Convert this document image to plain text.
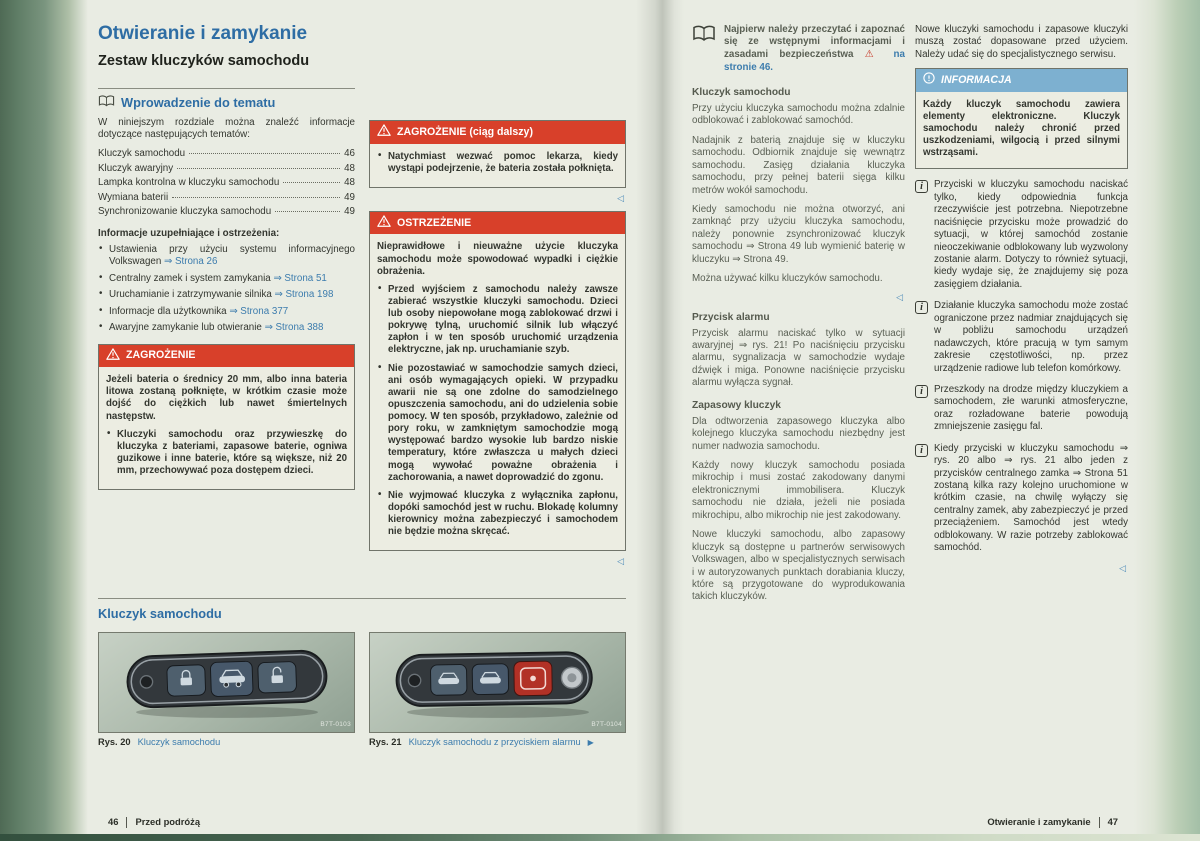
Otwieranie i zamykanie
Zestaw kluczyków samochodu
Wprowadzenie do tematu

W niniejszym rozdziale można znaleźć informacje dotyczące następujących tematów:

Kluczyk samochodu	46
Kluczyk awaryjny	48
Lampka kontrolna w kluczyku samochodu	48
Wymiana baterii	49
Synchronizowanie kluczyka samochodu	49

Informacje uzupełniające i ostrzeżenia:

• Ustawienia przy użyciu systemu informacyjnego Volkswagen ⇒ Strona 26
• Centralny zamek i system zamykania ⇒ Strona 51
• Uruchamianie i zatrzymywanie silnika ⇒ Strona 198
• Informacje dla użytkownika ⇒ Strona 377
• Awaryjne zamykanie lub otwieranie ⇒ Strona 388
ZAGROŻENIE

Jeżeli bateria o średnicy 20 mm, albo inna bateria litowa zostaną połknięte, w krótkim czasie może dojść do ciężkich lub nawet śmiertelnych następstw.

• Kluczyki samochodu oraz przywieszkę do kluczyka z bateriami, zapasowe baterie, ogniwa guzikowe i inne baterie, które są większe, niż 20 mm, przechowywać poza dostępem dzieci.
ZAGROŻENIE (ciąg dalszy)
• Natychmiast wezwać pomoc lekarza, kiedy wystąpi podejrzenie, że bateria została połknięta.
◁
OSTRZEŻENIE

Nieprawidłowe i nieuważne użycie kluczyka samochodu może spowodować wypadki i ciężkie obrażenia.

• Przed wyjściem z samochodu należy zawsze zabierać wszystkie kluczyki samochodu. Dzieci lub osoby niepowołane mogą zablokować drzwi i pokrywę tylną, uruchomić silnik lub włączyć zapłon i w ten sposób uruchomić urządzenia elektryczne, jak np. uruchamianie szyb.
• Nie pozostawiać w samochodzie samych dzieci, ani osób wymagających opieki. W przypadku awarii nie są one zdolne do samodzielnego opuszczenia samochodu, ani do udzielenia sobie pomocy. W ten sposób, przykładowo, zależnie od pory roku, w zamkniętym samochodzie mogą występować bardzo wysokie lub bardzo niskie temperatury, które zwłaszcza u małych dzieci mogą wywołać poważne obrażenia i zachorowania, a nawet doprowadzić do zgonu.
• Nie wyjmować kluczyka z wyłącznika zapłonu, dopóki samochód jest w ruchu. Blokadę kolumny kierownicy można zabezpieczyć i samochodem nie będzie można skręcać.
◁
Kluczyk samochodu
B7T-0103
Rys. 20 Kluczyk samochodu
B7T-0104
Rys. 21 Kluczyk samochodu z przyciskiem alarmu ▶
46 Przed podróżą

Najpierw należy przeczytać i zapoznać się ze wstępnymi informacjami i zasadami bezpieczeństwa ⚠ na stronie 46.

Kluczyk samochodu

Przy użyciu kluczyka samochodu można zdalnie odblokować i zablokować samochód.

Nadajnik z baterią znajduje się w kluczyku samochodu. Odbiornik znajduje się wewnątrz samochodu. Zasięg działania kluczyka samochodu, przy pełnej baterii sięga kilku metrów wokół samochodu.

Kiedy samochodu nie można otworzyć, ani zamknąć przy użyciu kluczyka samochodu, należy ponownie zsynchronizować kluczyk samochodu ⇒ Strona 49 lub wymienić baterię w kluczyku ⇒ Strona 49.

Można używać kilku kluczyków samochodu.

◁
Przycisk alarmu

Przycisk alarmu naciskać tylko w sytuacji awaryjnej ⇒ rys. 21! Po naciśnięciu przycisku alarmu, sygnalizacja w samochodzie wydaje dźwięk i miga. Ponowne naciśnięcie przycisku alarmu wyłącza sygnał.

Zapasowy kluczyk

Dla odtworzenia zapasowego kluczyka albo kolejnego kluczyka samochodu niezbędny jest numer nadwozia samochodu.

Każdy nowy kluczyk samochodu posiada mikrochip i musi zostać zakodowany danymi elektronicznymi immobilisera. Kluczyk samochodu nie działa, jeżeli nie posiada mikrochipu, albo mikrochip nie jest zakodowany.

Nowe kluczyki samochodu, albo zapasowy kluczyk są dostępne u partnerów serwisowych Volkswagen, albo w specjalistycznych serwisach i w autoryzowanych punktach dorabiania kluczy, które są przygotowane do wyprodukowania takich kluczyków.

Nowe kluczyki samochodu i zapasowe kluczyki muszą zostać dopasowane przed użyciem. Należy udać się do specjalistycznego serwisu.

INFORMACJA

Każdy kluczyk samochodu zawiera elementy elektroniczne. Kluczyk samochodu należy chronić przed uszkodzeniami, wilgocią i przed silnymi wstrząsami.

i	Przyciski w kluczyku samochodu naciskać tylko, kiedy odpowiednia funkcja rzeczywiście jest potrzebna. Niepotrzebne naciśnięcie przycisku może prowadzić do sytuacji, w której samochód zostanie nieoczekiwanie odblokowany lub wyzwolony zostanie alarm. Dotyczy to również sytuacji, kiedy wydaje się, że znajdujemy się poza zasięgiem działania.

i	Działanie kluczyka samochodu może zostać ograniczone przez nadmiar znajdujących się w pobliżu samochodu urządzeń nadawczych, które pracują w tym samym zakresie częstotliwości, np. przez urządzenie radiowe lub telefon komórkowy.

i	Przeszkody na drodze między kluczykiem a samochodem, złe warunki atmosferyczne, oraz rozładowane baterie powodują zmniejszenie zasięgu fal.

i	Kiedy przyciski w kluczyku samochodu ⇒ rys. 20 albo ⇒ rys. 21 albo jeden z przycisków centralnego zamka ⇒ Strona 51 zostaną kilka razy kolejno uruchomione w krótkim czasie, na chwilę wyłączy się centralny zamek, aby zabezpieczyć je przed przeciążeniem. Samochód jest wtedy odblokowany. W razie potrzeby zablokować samochód.

◁
Otwieranie i zamykanie 47
